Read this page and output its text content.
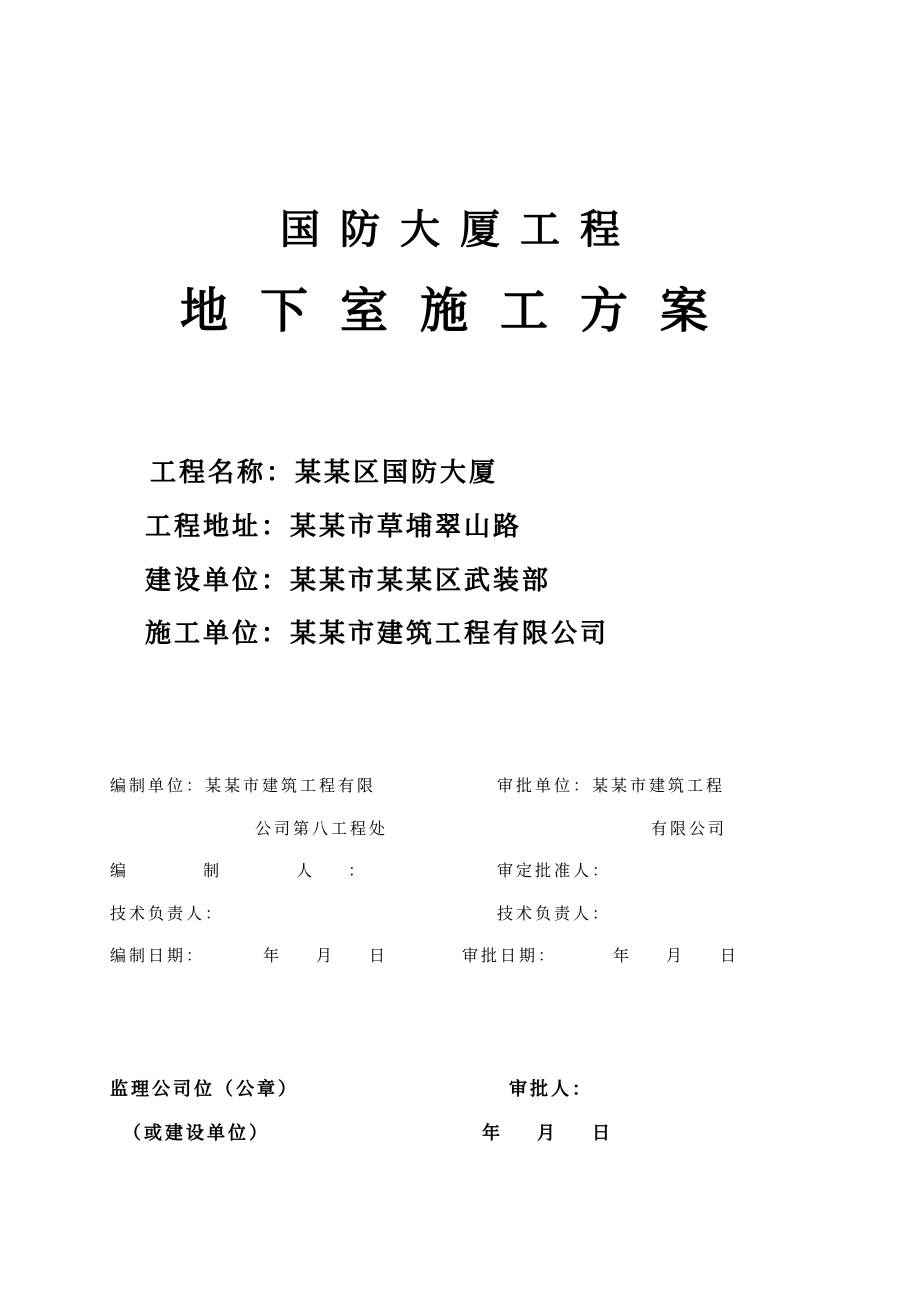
国防大厦工程
地下室施工方案
工程名称：某某区国防大厦
工程地址：某某市草埔翠山路
建设单位：某某市某某区武装部
施工单位：某某市建筑工程有限公司
编制单位：某某市建筑工程有限	审批单位：某某市建筑工程
公司第八工程处	有限公司
编 制 人：	审定批准人：
技术负责人：	技术负责人：
编制日期：	年 月 日	审批日期：	年 月 日
监理公司位（公章）	审批人：
（或建设单位）	年 月 日
